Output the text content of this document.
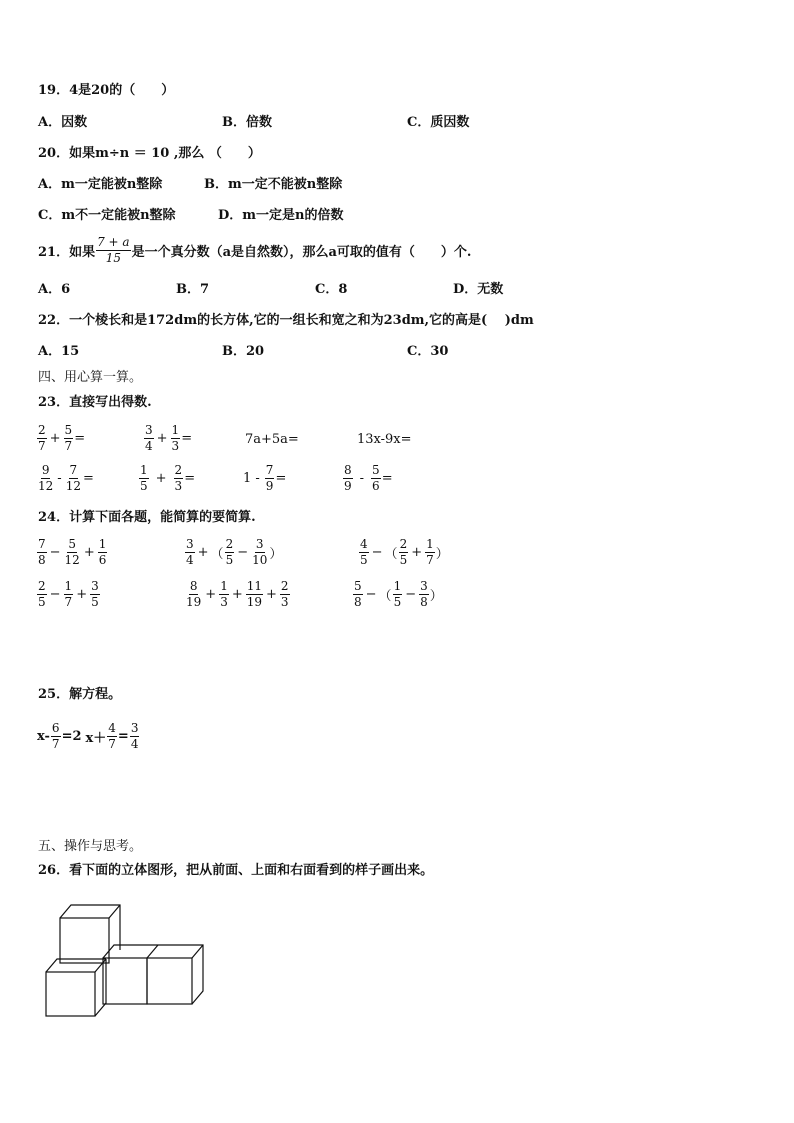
19．4是20的（　　）
A．因数	B．倍数	C．质因数
20．如果m÷n ＝ 10 ,那么 （　　）
A．m一定能被n整除	B．m一定不能被n整除
C．m不一定能被n整除	D．m一定是n的倍数
21．如果 $\frac{7 + a}{15}$ 是一个真分数（a是自然数），那么a可取的值有（　　）个.
A．6	B．7	C．8	D．无数
22．一个棱长和是172dm的长方体,它的一组长和宽之和为23dm,它的高是(　 )dm
A．15	B．20	C．30
四、用心算一算。
23．直接写出得数.
$\frac{2}{7} + \frac{5}{7}$ =	$\frac{3}{4} + \frac{1}{3}$ =	7a+5a=	13x-9x=
$\frac{9}{12} - \frac{7}{12}$ =	$\frac{1}{5} + \frac{2}{3}$ =	$1 - \frac{7}{9}$ =	$\frac{8}{9} - \frac{5}{6}$ =
24．计算下面各题，能简算的要简算.
$\frac{7}{8} - \frac{5}{12} + \frac{1}{6}$	$\frac{3}{4}$ + （ $\frac{2}{5} - \frac{3}{10}$ ）	$\frac{4}{5}$ − （ $\frac{2}{5} + \frac{1}{7}$ ）
$\frac{2}{5} - \frac{1}{7} + \frac{3}{5}$	$\frac{8}{19} + \frac{1}{3} + \frac{11}{19} + \frac{2}{3}$	$\frac{5}{8}$ − （ $\frac{1}{5} - \frac{3}{8}$ ）
25．解方程。
$x- \frac{6}{7} =2$ $x+ \frac{4}{7} = \frac{3}{4}$
五、操作与思考。
26．看下面的立体图形，把从前面、上面和右面看到的样子画出来。
